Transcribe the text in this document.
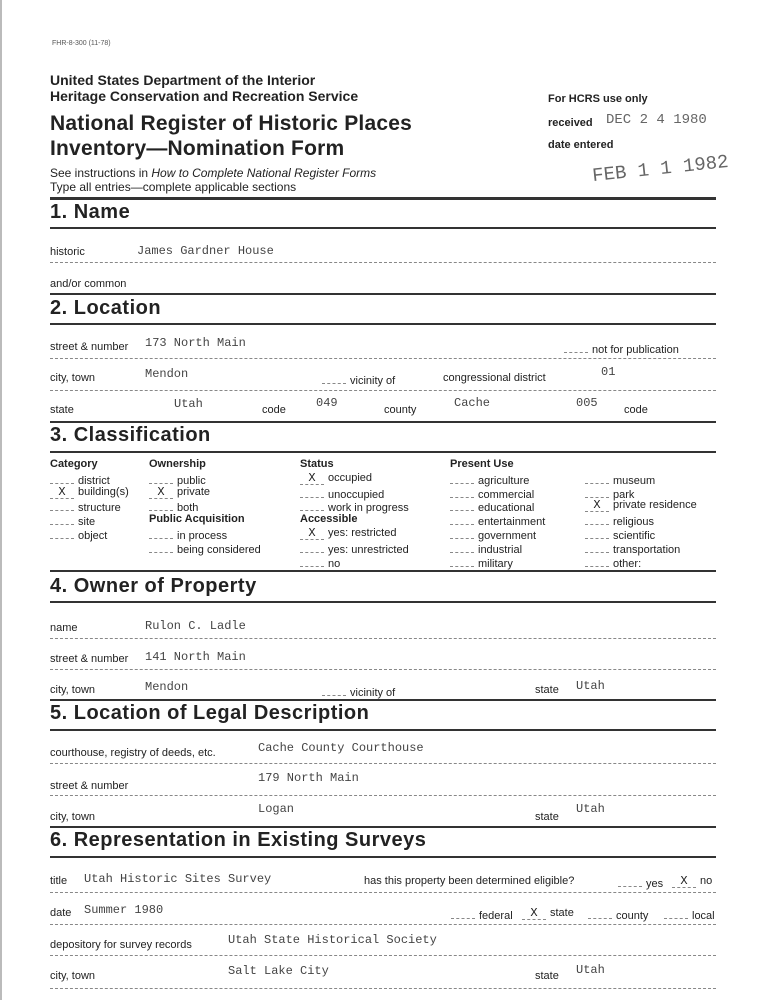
FHR-8-300 (11-78)
United States Department of the Interior
Heritage Conservation and Recreation Service
National Register of Historic Places
Inventory—Nomination Form
See instructions in How to Complete National Register Forms
Type all entries—complete applicable sections
For HCRS use only
received DEC 2 4 1980
date entered
FEB 1 1 1982
1. Name
historic	James Gardner House
and/or common
2. Location
street & number 173 North Main	not for publication
city, town	Mendon	vicinity of	congressional district	01
state	Utah	code	049	county	Cache	005 code
3. Classification
Category
district
X building(s)
structure
site
object
Ownership
public
X private
both
Public Acquisition
in process
being considered
Status
X occupied
unoccupied
work in progress
Accessible
X yes: restricted
yes: unrestricted
no
Present Use
agriculture
commercial
educational
entertainment
government
industrial
military
museum
park
X private residence
religious
scientific
transportation
other:
4. Owner of Property
name	Rulon C. Ladle
street & number 141 North Main
city, town	Mendon	vicinity of	state Utah
5. Location of Legal Description
courthouse, registry of deeds, etc.	Cache County Courthouse
street & number
179 North Main
city, town
Logan
state
Utah
6. Representation in Existing Surveys
title Utah Historic Sites Survey	has this property been determined eligible?	yes	X no
date Summer 1980	federal	X state	county	local
depository for survey records	Utah State Historical Society
city, town	Salt Lake City	state Utah
